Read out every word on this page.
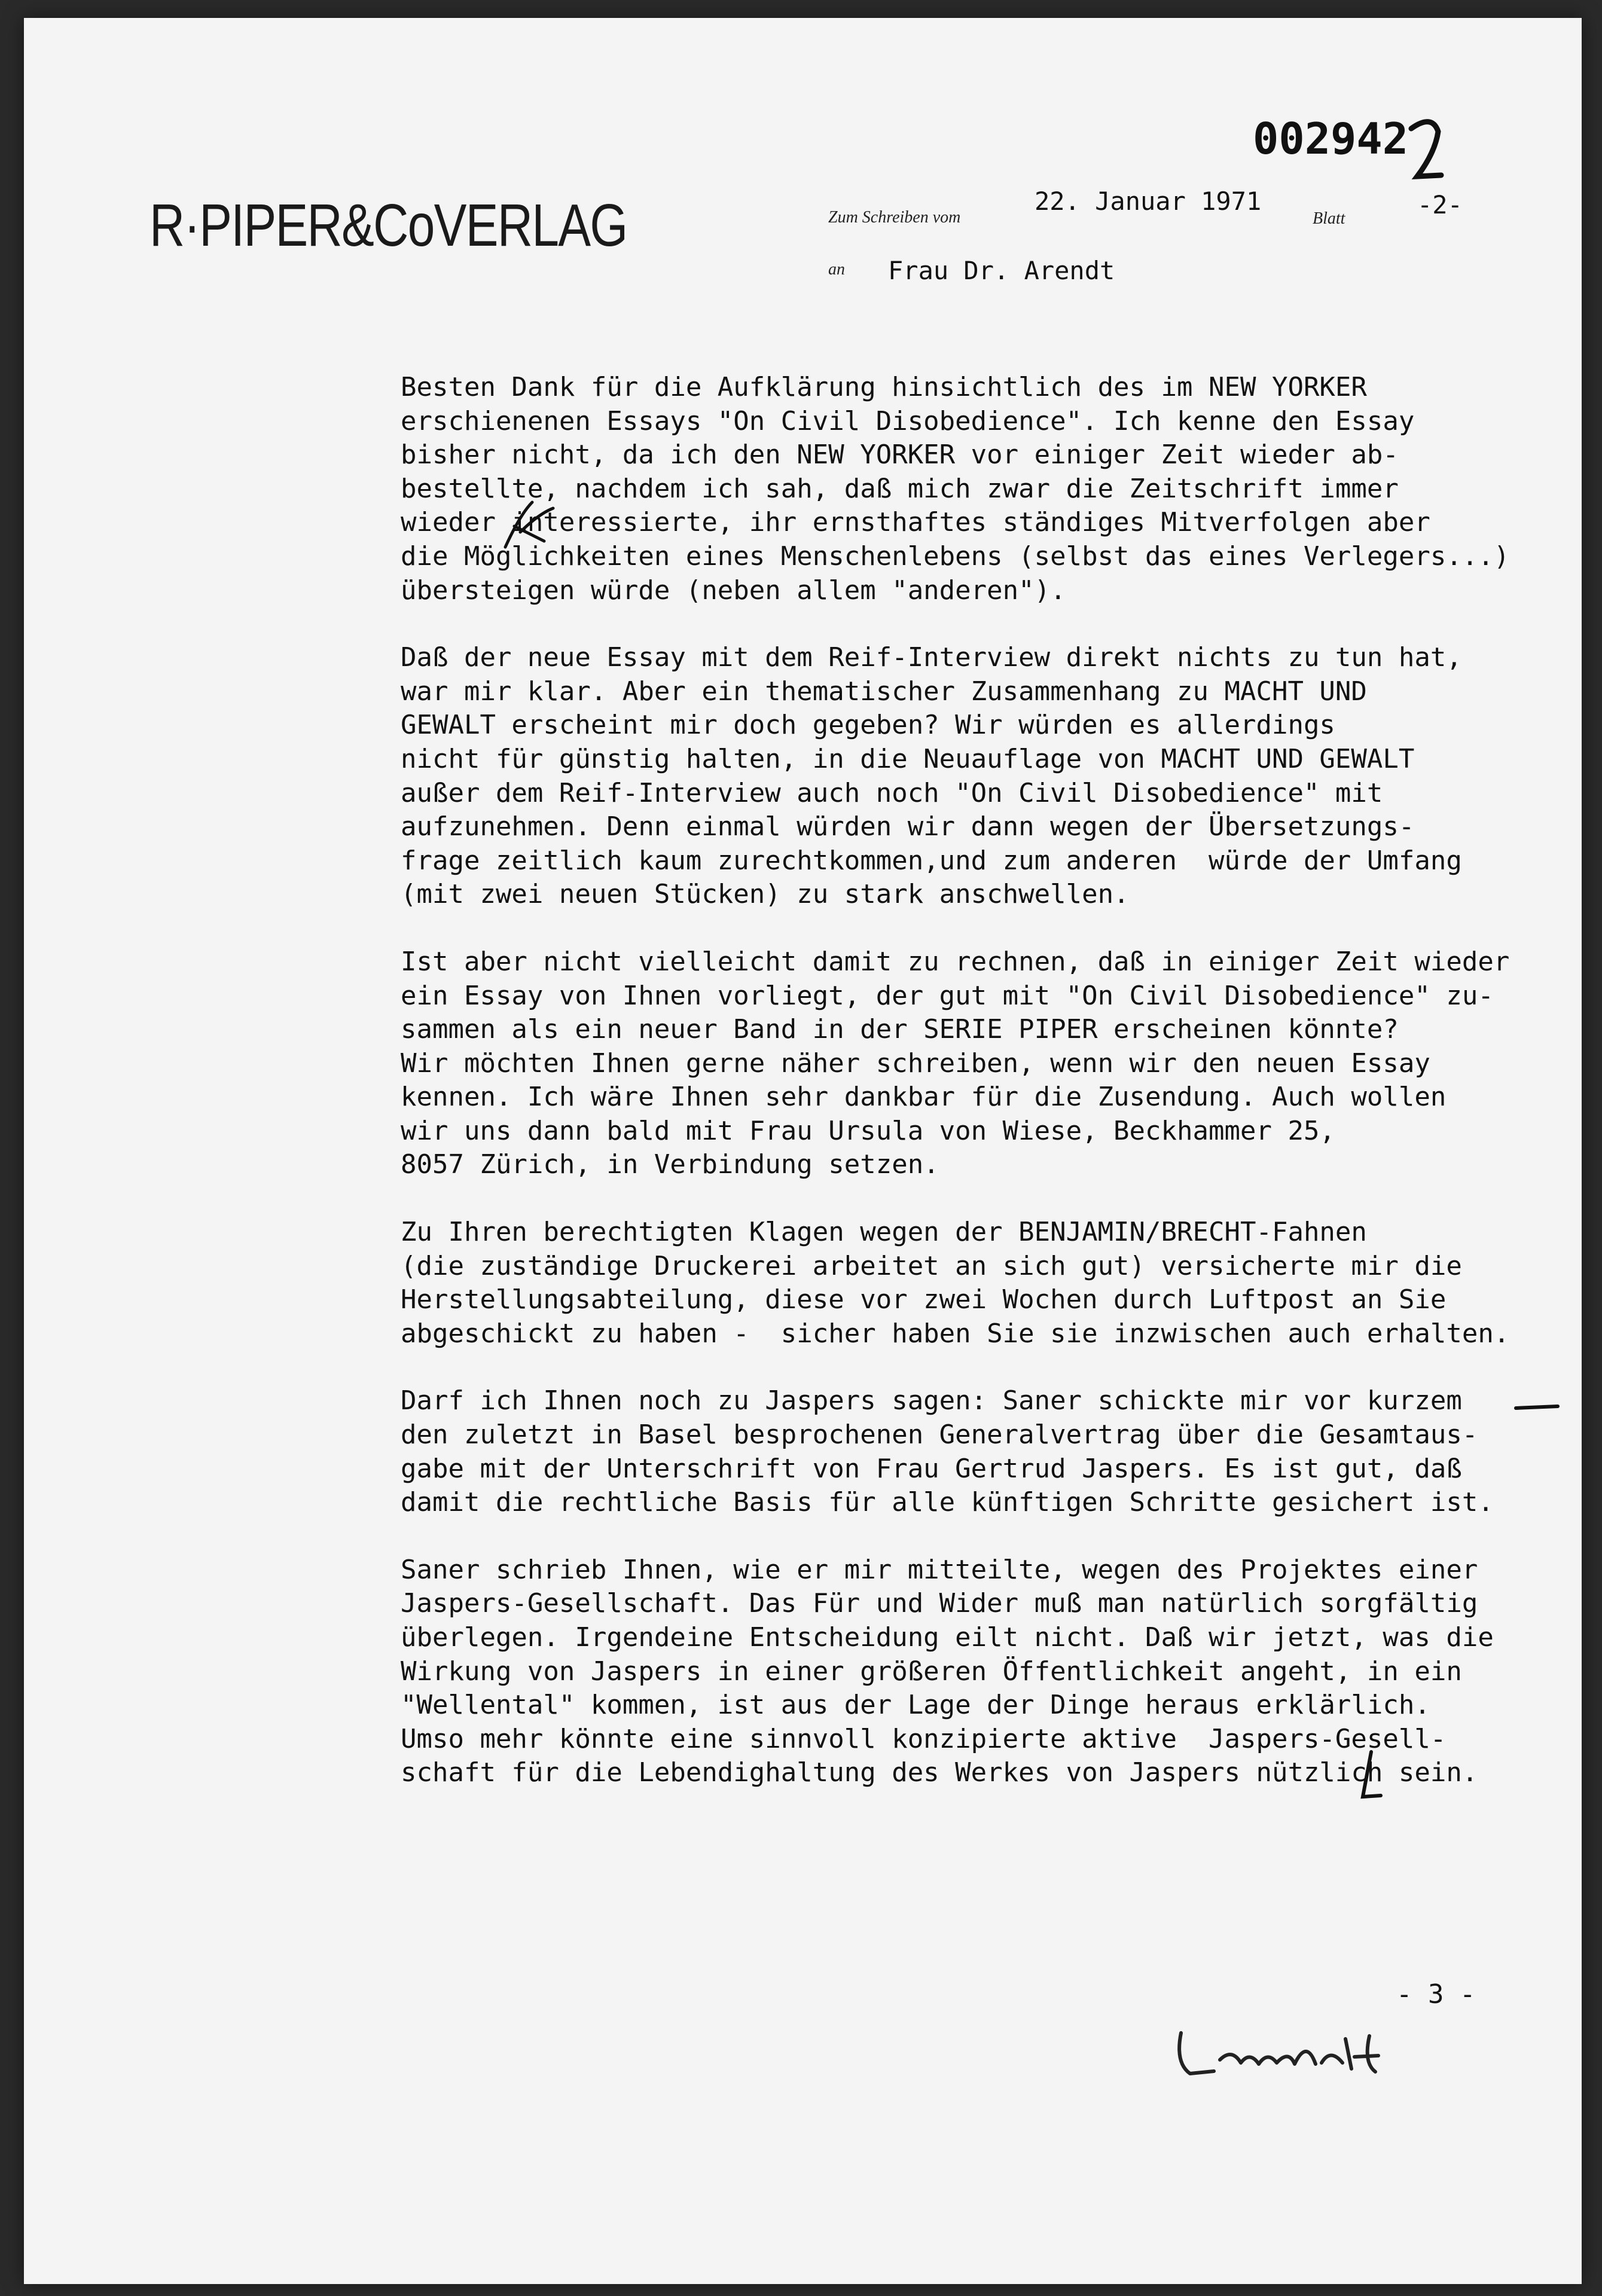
R·PIPER&CoVERLAG
002942
Zum Schreiben vom
22. Januar 1971
Blatt	-2-
an Frau Dr. Arendt

Besten Dank für die Aufklärung hinsichtlich des im NEW YORKER
erschienenen Essays "On Civil Disobedience". Ich kenne den Essay
bisher nicht, da ich den NEW YORKER vor einiger Zeit wieder ab-
bestellte, nachdem ich sah, daß mich zwar die Zeitschrift immer
wieder interessierte, ihr ernsthaftes ständiges Mitverfolgen aber
die Möglichkeiten eines Menschenlebens (selbst das eines Verlegers...)
übersteigen würde (neben allem "anderen").

Daß der neue Essay mit dem Reif-Interview direkt nichts zu tun hat,
war mir klar. Aber ein thematischer Zusammenhang zu MACHT UND
GEWALT erscheint mir doch gegeben? Wir würden es allerdings
nicht für günstig halten, in die Neuauflage von MACHT UND GEWALT
außer dem Reif-Interview auch noch "On Civil Disobedience" mit
aufzunehmen. Denn einmal würden wir dann wegen der Übersetzungs-
frage zeitlich kaum zurechtkommen,und zum anderen  würde der Umfang
(mit zwei neuen Stücken) zu stark anschwellen.

Ist aber nicht vielleicht damit zu rechnen, daß in einiger Zeit wieder
ein Essay von Ihnen vorliegt, der gut mit "On Civil Disobedience" zu-
sammen als ein neuer Band in der SERIE PIPER erscheinen könnte?
Wir möchten Ihnen gerne näher schreiben, wenn wir den neuen Essay
kennen. Ich wäre Ihnen sehr dankbar für die Zusendung. Auch wollen
wir uns dann bald mit Frau Ursula von Wiese, Beckhammer 25,
8057 Zürich, in Verbindung setzen.

Zu Ihren berechtigten Klagen wegen der BENJAMIN/BRECHT-Fahnen
(die zuständige Druckerei arbeitet an sich gut) versicherte mir die
Herstellungsabteilung, diese vor zwei Wochen durch Luftpost an Sie
abgeschickt zu haben -  sicher haben Sie sie inzwischen auch erhalten.

Darf ich Ihnen noch zu Jaspers sagen: Saner schickte mir vor kurzem
den zuletzt in Basel besprochenen Generalvertrag über die Gesamtaus-
gabe mit der Unterschrift von Frau Gertrud Jaspers. Es ist gut, daß
damit die rechtliche Basis für alle künftigen Schritte gesichert ist.

Saner schrieb Ihnen, wie er mir mitteilte, wegen des Projektes einer
Jaspers-Gesellschaft. Das Für und Wider muß man natürlich sorgfältig
überlegen. Irgendeine Entscheidung eilt nicht. Daß wir jetzt, was die
Wirkung von Jaspers in einer größeren Öffentlichkeit angeht, in ein
"Wellental" kommen, ist aus der Lage der Dinge heraus erklärlich.
Umso mehr könnte eine sinnvoll konzipierte aktive  Jaspers-Gesell-
schaft für die Lebendighaltung des Werkes von Jaspers nützlich sein.

- 3 -
